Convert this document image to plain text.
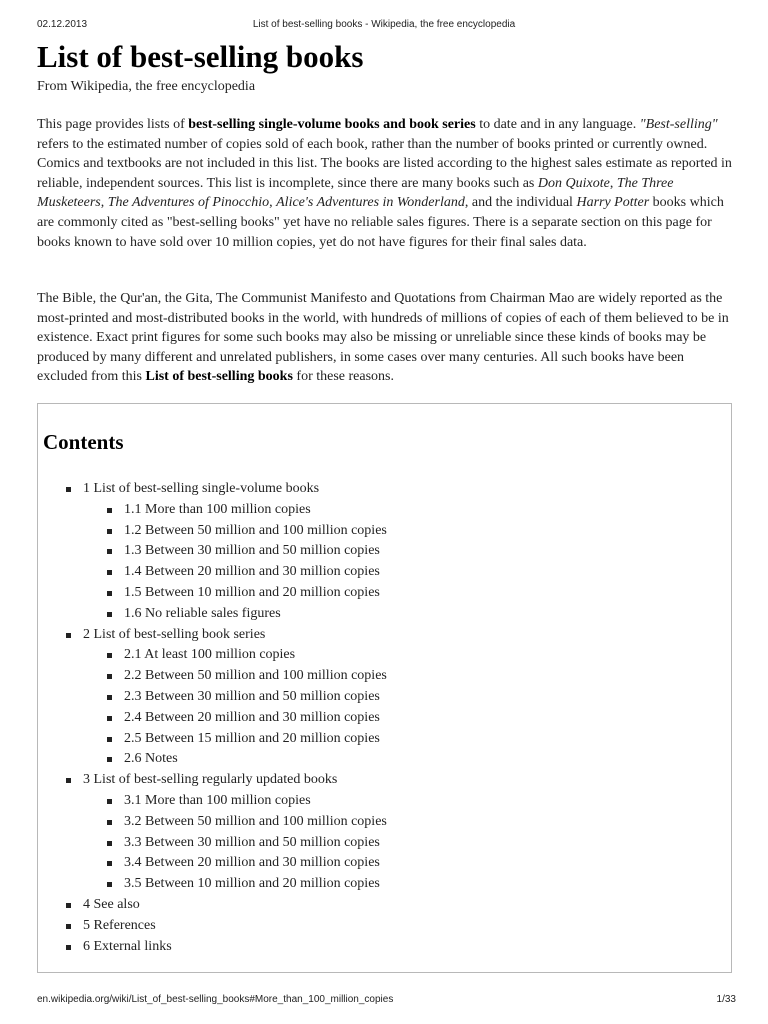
02.12.2013	List of best-selling books - Wikipedia, the free encyclopedia
List of best-selling books
From Wikipedia, the free encyclopedia

This page provides lists of best-selling single-volume books and book series to date and in any language. "Best-selling" refers to the estimated number of copies sold of each book, rather than the number of books printed or currently owned. Comics and textbooks are not included in this list. The books are listed according to the highest sales estimate as reported in reliable, independent sources. This list is incomplete, since there are many books such as Don Quixote, The Three Musketeers, The Adventures of Pinocchio, Alice's Adventures in Wonderland, and the individual Harry Potter books which are commonly cited as "best-selling books" yet have no reliable sales figures. There is a separate section on this page for books known to have sold over 10 million copies, yet do not have figures for their final sales data.

The Bible, the Qur'an, the Gita, The Communist Manifesto and Quotations from Chairman Mao are widely reported as the most-printed and most-distributed books in the world, with hundreds of millions of copies of each of them believed to be in existence. Exact print figures for some such books may also be missing or unreliable since these kinds of books may be produced by many different and unrelated publishers, in some cases over many centuries. All such books have been excluded from this List of best-selling books for these reasons.

Contents
1 List of best-selling single-volume books
1.1 More than 100 million copies
1.2 Between 50 million and 100 million copies
1.3 Between 30 million and 50 million copies
1.4 Between 20 million and 30 million copies
1.5 Between 10 million and 20 million copies
1.6 No reliable sales figures
2 List of best-selling book series
2.1 At least 100 million copies
2.2 Between 50 million and 100 million copies
2.3 Between 30 million and 50 million copies
2.4 Between 20 million and 30 million copies
2.5 Between 15 million and 20 million copies
2.6 Notes
3 List of best-selling regularly updated books
3.1 More than 100 million copies
3.2 Between 50 million and 100 million copies
3.3 Between 30 million and 50 million copies
3.4 Between 20 million and 30 million copies
3.5 Between 10 million and 20 million copies
4 See also
5 References
6 External links
en.wikipedia.org/wiki/List_of_best-selling_books#More_than_100_million_copies	1/33
